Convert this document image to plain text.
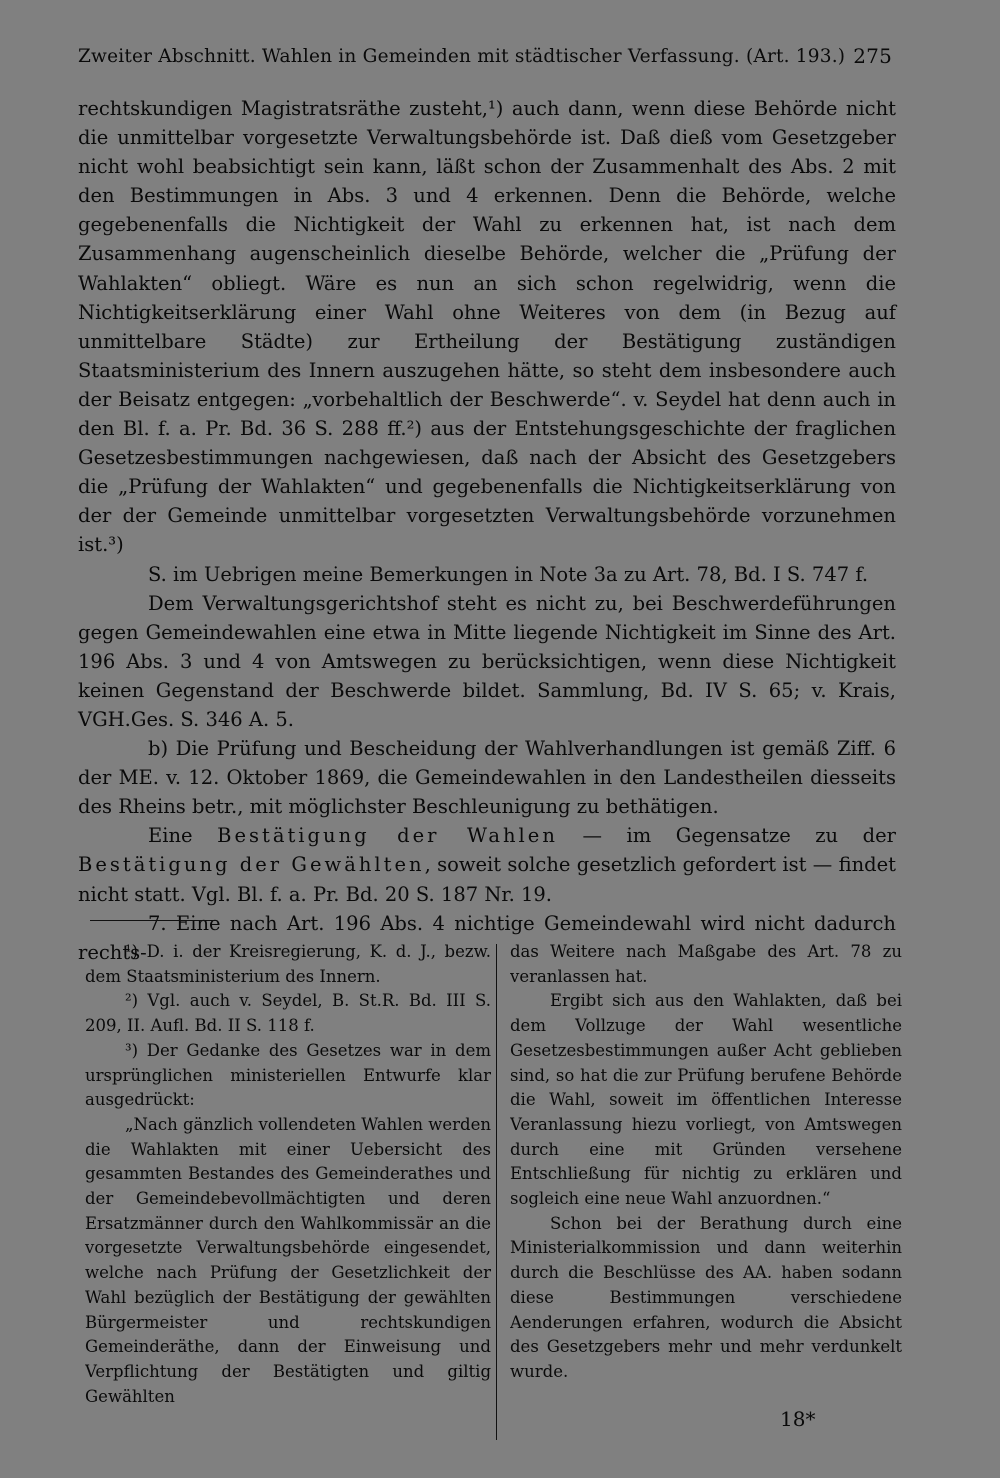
Zweiter Abschnitt. Wahlen in Gemeinden mit städtischer Verfassung. (Art. 193.) 275

rechtskundigen Magistratsräthe zusteht,¹) auch dann, wenn diese Behörde nicht die unmittelbar vorgesetzte Verwaltungsbehörde ist. Daß dieß vom Gesetzgeber nicht wohl beabsichtigt sein kann, läßt schon der Zusammenhalt des Abs. 2 mit den Bestimmungen in Abs. 3 und 4 erkennen. Denn die Behörde, welche gegebenenfalls die Nichtigkeit der Wahl zu erkennen hat, ist nach dem Zusammenhang augenscheinlich dieselbe Behörde, welcher die „Prüfung der Wahlakten“ obliegt. Wäre es nun an sich schon regelwidrig, wenn die Nichtigkeitserklärung einer Wahl ohne Weiteres von dem (in Bezug auf unmittelbare Städte) zur Ertheilung der Bestätigung zuständigen Staatsministerium des Innern auszugehen hätte, so steht dem insbesondere auch der Beisatz entgegen: „vorbehaltlich der Beschwerde“. v. Seydel hat denn auch in den Bl. f. a. Pr. Bd. 36 S. 288 ff.²) aus der Entstehungsgeschichte der fraglichen Gesetzesbestimmungen nachgewiesen, daß nach der Absicht des Gesetzgebers die „Prüfung der Wahlakten“ und gegebenenfalls die Nichtigkeitserklärung von der der Gemeinde unmittelbar vorgesetzten Verwaltungsbehörde vorzunehmen ist.³)

S. im Uebrigen meine Bemerkungen in Note 3a zu Art. 78, Bd. I S. 747 f.

Dem Verwaltungsgerichtshof steht es nicht zu, bei Beschwerdeführungen gegen Gemeindewahlen eine etwa in Mitte liegende Nichtigkeit im Sinne des Art. 196 Abs. 3 und 4 von Amtswegen zu berücksichtigen, wenn diese Nichtigkeit keinen Gegenstand der Beschwerde bildet. Sammlung, Bd. IV S. 65; v. Krais, VGH.Ges. S. 346 A. 5.

b) Die Prüfung und Bescheidung der Wahlverhandlungen ist gemäß Ziff. 6 der ME. v. 12. Oktober 1869, die Gemeindewahlen in den Landestheilen diesseits des Rheins betr., mit möglichster Beschleunigung zu bethätigen.

Eine Bestätigung der Wahlen — im Gegensatze zu der Bestätigung der Gewählten, soweit solche gesetzlich gefordert ist — findet nicht statt. Vgl. Bl. f. a. Pr. Bd. 20 S. 187 Nr. 19.

7. Eine nach Art. 196 Abs. 4 nichtige Gemeindewahl wird nicht dadurch rechts-

¹) D. i. der Kreisregierung, K. d. J., bezw. dem Staatsministerium des Innern.

²) Vgl. auch v. Seydel, B. St.R. Bd. III S. 209, II. Aufl. Bd. II S. 118 f.

³) Der Gedanke des Gesetzes war in dem ursprünglichen ministeriellen Entwurfe klar ausgedrückt:

„Nach gänzlich vollendeten Wahlen werden die Wahlakten mit einer Uebersicht des gesammten Bestandes des Gemeinderathes und der Gemeindebevollmächtigten und deren Ersatzmänner durch den Wahlkommissär an die vorgesetzte Verwaltungsbehörde eingesendet, welche nach Prüfung der Gesetzlichkeit der Wahl bezüglich der Bestätigung der gewählten Bürgermeister und rechtskundigen Gemeinderäthe, dann der Einweisung und Verpflichtung der Bestätigten und giltig Gewählten

das Weitere nach Maßgabe des Art. 78 zu veranlassen hat.

Ergibt sich aus den Wahlakten, daß bei dem Vollzuge der Wahl wesentliche Gesetzesbestimmungen außer Acht geblieben sind, so hat die zur Prüfung berufene Behörde die Wahl, soweit im öffentlichen Interesse Veranlassung hiezu vorliegt, von Amtswegen durch eine mit Gründen versehene Entschließung für nichtig zu erklären und sogleich eine neue Wahl anzuordnen.“

Schon bei der Berathung durch eine Ministerialkommission und dann weiterhin durch die Beschlüsse des AA. haben sodann diese Bestimmungen verschiedene Aenderungen erfahren, wodurch die Absicht des Gesetzgebers mehr und mehr verdunkelt wurde.

18*
